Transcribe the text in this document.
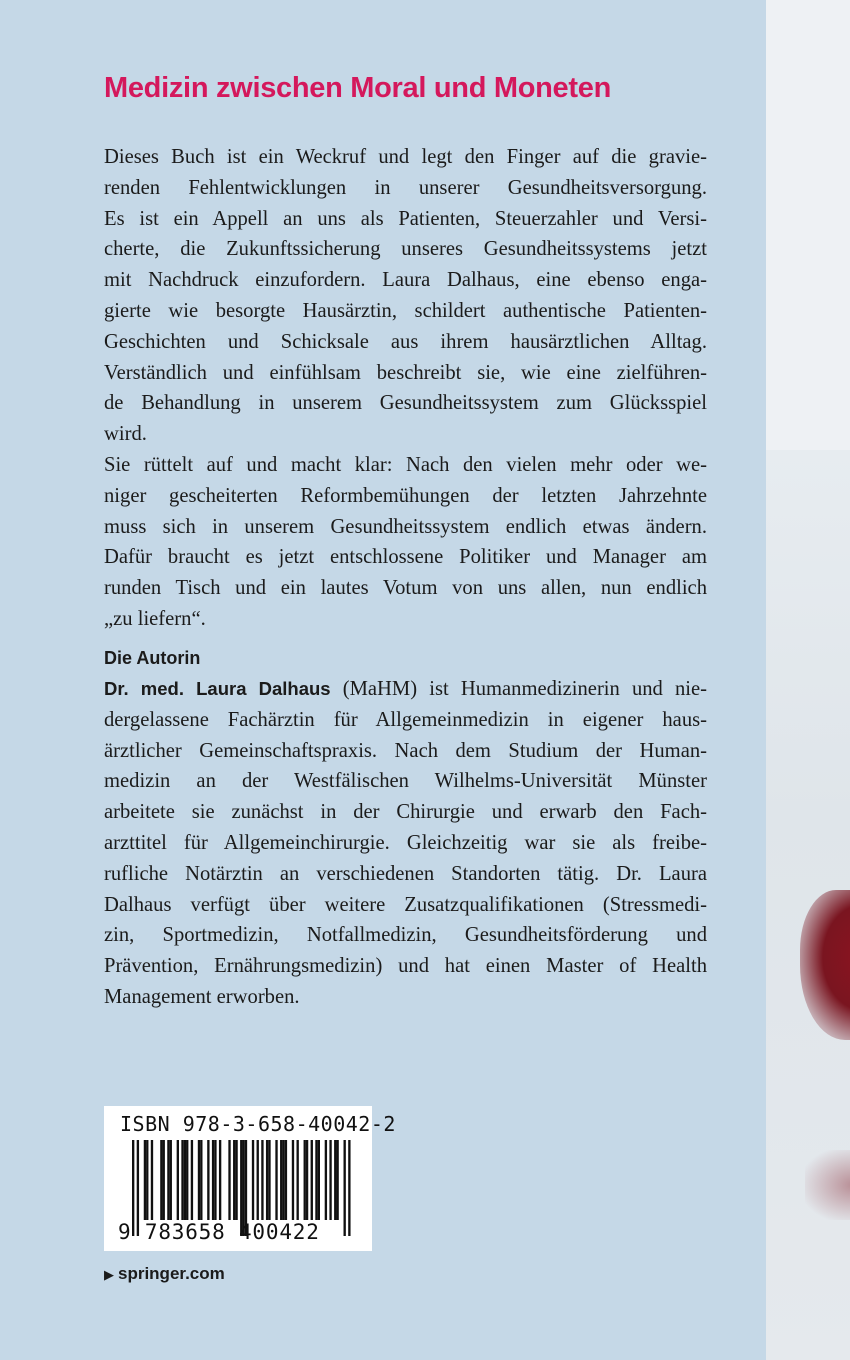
Medizin zwischen Moral und Moneten
Dieses Buch ist ein Weckruf und legt den Finger auf die gravie-
renden Fehlentwicklungen in unserer Gesundheitsversorgung.
Es ist ein Appell an uns als Patienten, Steuerzahler und Versi-
cherte, die Zukunftssicherung unseres Gesundheitssystems jetzt
mit Nachdruck einzufordern. Laura Dalhaus, eine ebenso enga-
gierte wie besorgte Hausärztin, schildert authentische Patienten-
Geschichten und Schicksale aus ihrem hausärztlichen Alltag.
Verständlich und einfühlsam beschreibt sie, wie eine zielführen-
de Behandlung in unserem Gesundheitssystem zum Glücksspiel
wird.
Sie rüttelt auf und macht klar: Nach den vielen mehr oder we-
niger gescheiterten Reformbemühungen der letzten Jahrzehnte
muss sich in unserem Gesundheitssystem endlich etwas ändern.
Dafür braucht es jetzt entschlossene Politiker und Manager am
runden Tisch und ein lautes Votum von uns allen, nun endlich
„zu liefern“.
Die Autorin
Dr. med. Laura Dalhaus (MaHM) ist Humanmedizinerin und nie-
dergelassene Fachärztin für Allgemeinmedizin in eigener haus-
ärztlicher Gemeinschaftspraxis. Nach dem Studium der Human-
medizin an der Westfälischen Wilhelms-Universität Münster
arbeitete sie zunächst in der Chirurgie und erwarb den Fach-
arzttitel für Allgemeinchirurgie. Gleichzeitig war sie als freibe-
rufliche Notärztin an verschiedenen Standorten tätig. Dr. Laura
Dalhaus verfügt über weitere Zusatzqualifikationen (Stressmedi-
zin, Sportmedizin, Notfallmedizin, Gesundheitsförderung und
Prävention, Ernährungsmedizin) und hat einen Master of Health
Management erworben.

ISBN 978-3-658-40042-2

9 783658 400422

▶ springer.com
